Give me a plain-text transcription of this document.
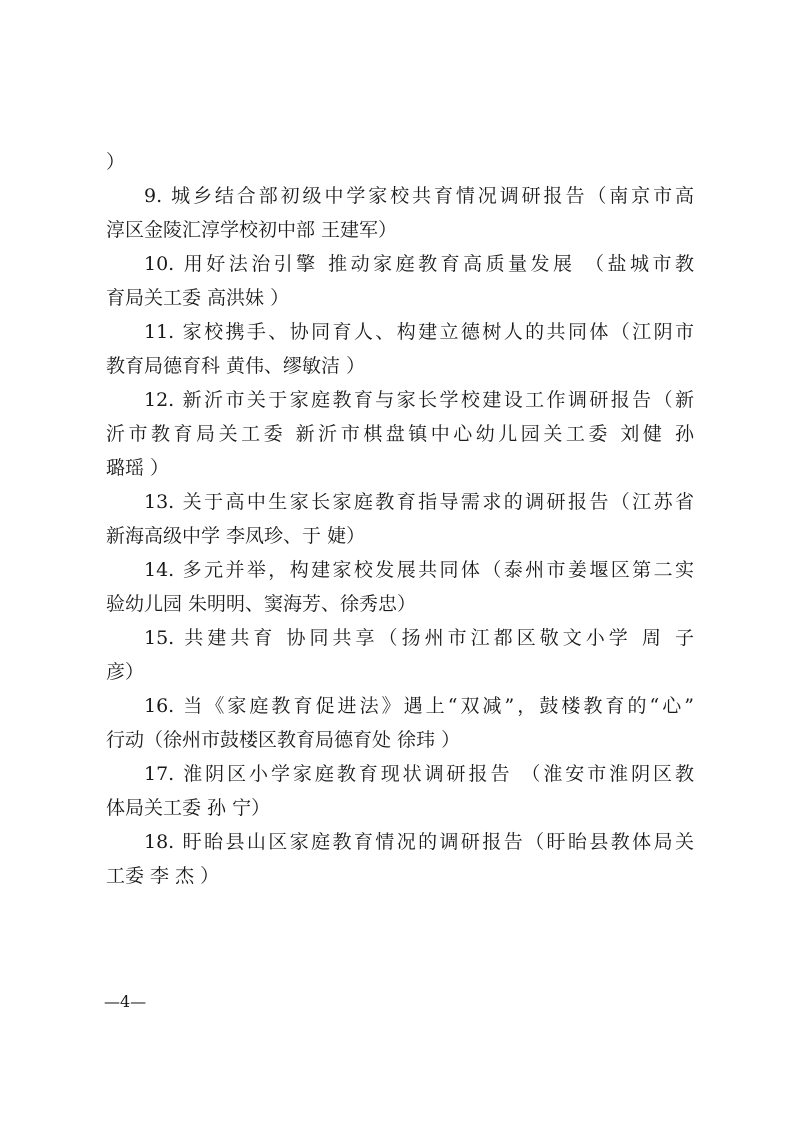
）
9. 城乡结合部初级中学家校共育情况调研报告（南京市高
淳区金陵汇淳学校初中部 王建军）
10. 用好法治引擎 推动家庭教育高质量发展 （盐城市教
育局关工委 高洪妹 ）
11. 家校携手、协同育人、构建立德树人的共同体（江阴市
教育局德育科 黄伟、缪敏洁 ）
12. 新沂市关于家庭教育与家长学校建设工作调研报告（新
沂市教育局关工委 新沂市棋盘镇中心幼儿园关工委 刘健 孙
璐瑶 ）
13. 关于高中生家长家庭教育指导需求的调研报告（江苏省
新海高级中学 李凤珍、于 婕）
14. 多元并举，构建家校发展共同体（泰州市姜堰区第二实
验幼儿园 朱明明、窦海芳、徐秀忠）
15. 共建共育 协同共享（扬州市江都区敬文小学 周 子
彦）
16. 当《家庭教育促进法》遇上“双减”，鼓楼教育的“心”
行动（徐州市鼓楼区教育局德育处 徐玮 ）
17. 淮阴区小学家庭教育现状调研报告 （淮安市淮阴区教
体局关工委 孙 宁）
18. 盱眙县山区家庭教育情况的调研报告（盱眙县教体局关
工委 李 杰 ）
—4—
